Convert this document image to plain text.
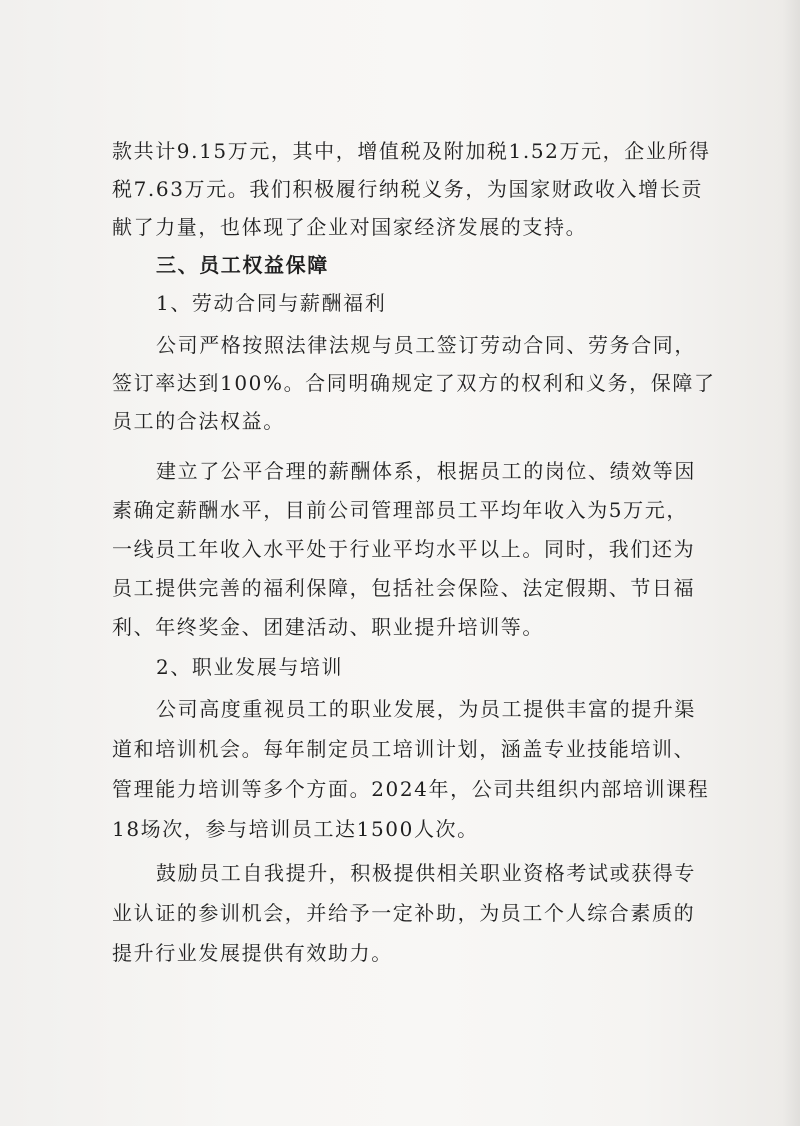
款共计9.15万元，其中，增值税及附加税1.52万元，企业所得
税7.63万元。我们积极履行纳税义务，为国家财政收入增长贡
献了力量，也体现了企业对国家经济发展的支持。
三、员工权益保障
1、劳动合同与薪酬福利
公司严格按照法律法规与员工签订劳动合同、劳务合同，
签订率达到100%。合同明确规定了双方的权利和义务，保障了
员工的合法权益。
建立了公平合理的薪酬体系，根据员工的岗位、绩效等因
素确定薪酬水平，目前公司管理部员工平均年收入为5万元，
一线员工年收入水平处于行业平均水平以上。同时，我们还为
员工提供完善的福利保障，包括社会保险、法定假期、节日福
利、年终奖金、团建活动、职业提升培训等。
2、职业发展与培训
公司高度重视员工的职业发展，为员工提供丰富的提升渠
道和培训机会。每年制定员工培训计划，涵盖专业技能培训、
管理能力培训等多个方面。2024年，公司共组织内部培训课程
18场次，参与培训员工达1500人次。
鼓励员工自我提升，积极提供相关职业资格考试或获得专
业认证的参训机会，并给予一定补助，为员工个人综合素质的
提升行业发展提供有效助力。
